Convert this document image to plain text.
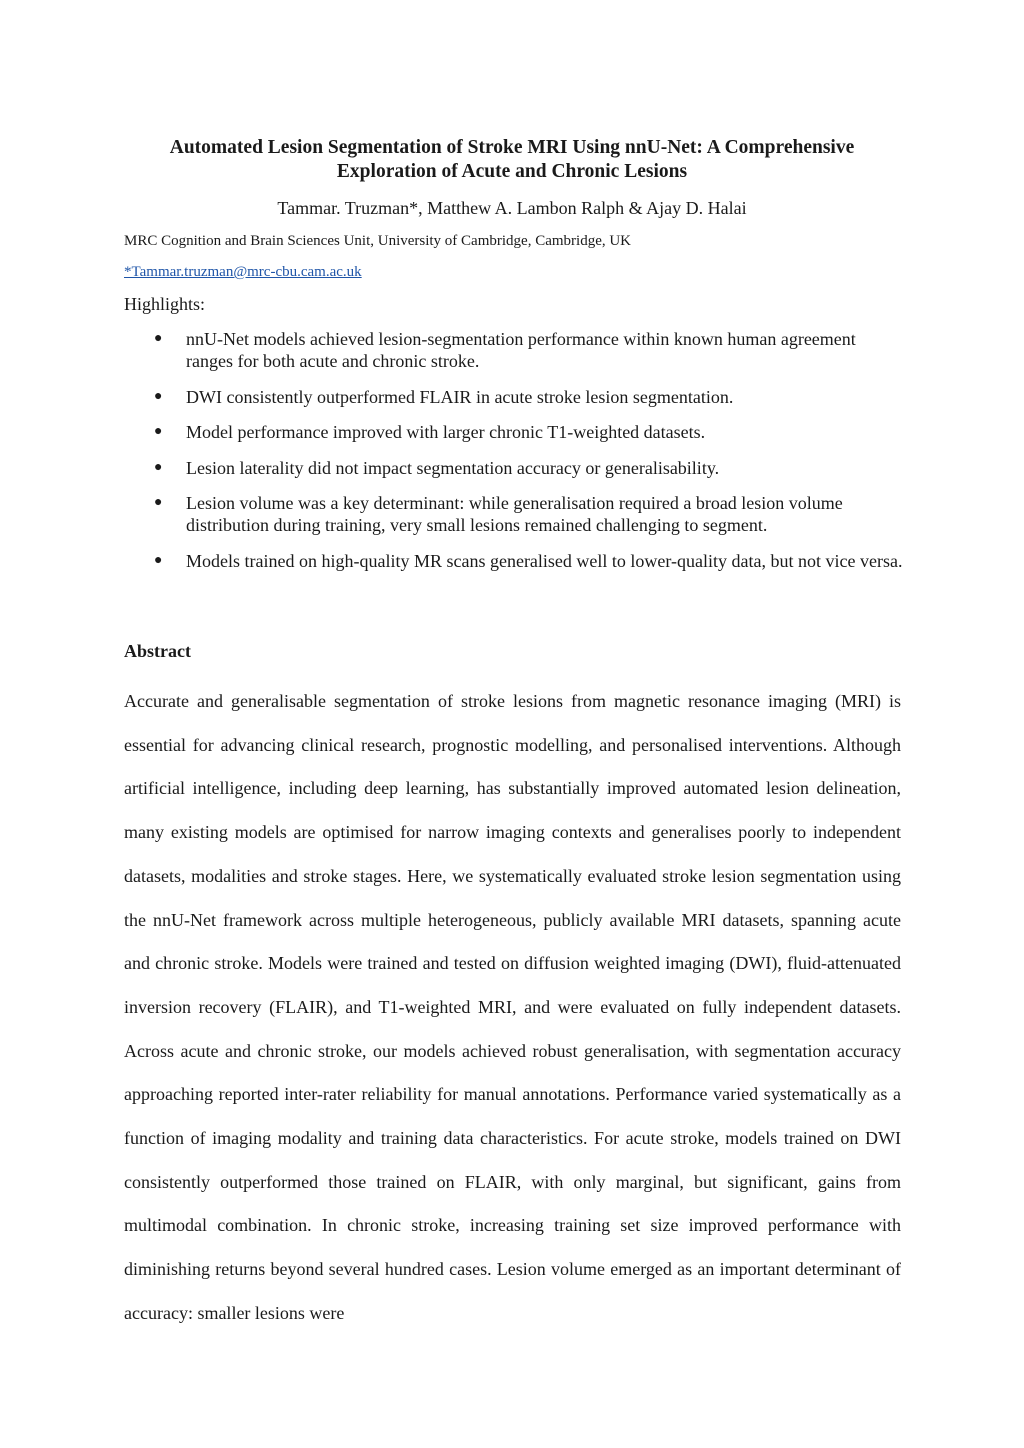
Automated Lesion Segmentation of Stroke MRI Using nnU-Net: A Comprehensive Exploration of Acute and Chronic Lesions
Tammar. Truzman*, Matthew A. Lambon Ralph & Ajay D. Halai
MRC Cognition and Brain Sciences Unit, University of Cambridge, Cambridge, UK
*Tammar.truzman@mrc-cbu.cam.ac.uk
Highlights:
● nnU-Net models achieved lesion-segmentation performance within known human agreement ranges for both acute and chronic stroke.
● DWI consistently outperformed FLAIR in acute stroke lesion segmentation.
● Model performance improved with larger chronic T1-weighted datasets.
● Lesion laterality did not impact segmentation accuracy or generalisability.
● Lesion volume was a key determinant: while generalisation required a broad lesion volume distribution during training, very small lesions remained challenging to segment.
● Models trained on high-quality MR scans generalised well to lower-quality data, but not vice versa.
Abstract

Accurate and generalisable segmentation of stroke lesions from magnetic resonance imaging (MRI) is essential for advancing clinical research, prognostic modelling, and personalised interventions. Although artificial intelligence, including deep learning, has substantially improved automated lesion delineation, many existing models are optimised for narrow imaging contexts and generalises poorly to independent datasets, modalities and stroke stages. Here, we systematically evaluated stroke lesion segmentation using the nnU-Net framework across multiple heterogeneous, publicly available MRI datasets, spanning acute and chronic stroke. Models were trained and tested on diffusion weighted imaging (DWI), fluid-attenuated inversion recovery (FLAIR), and T1-weighted MRI, and were evaluated on fully independent datasets. Across acute and chronic stroke, our models achieved robust generalisation, with segmentation accuracy approaching reported inter-rater reliability for manual annotations. Performance varied systematically as a function of imaging modality and training data characteristics. For acute stroke, models trained on DWI consistently outperformed those trained on FLAIR, with only marginal, but significant, gains from multimodal combination. In chronic stroke, increasing training set size improved performance with diminishing returns beyond several hundred cases. Lesion volume emerged as an important determinant of accuracy: smaller lesions were
